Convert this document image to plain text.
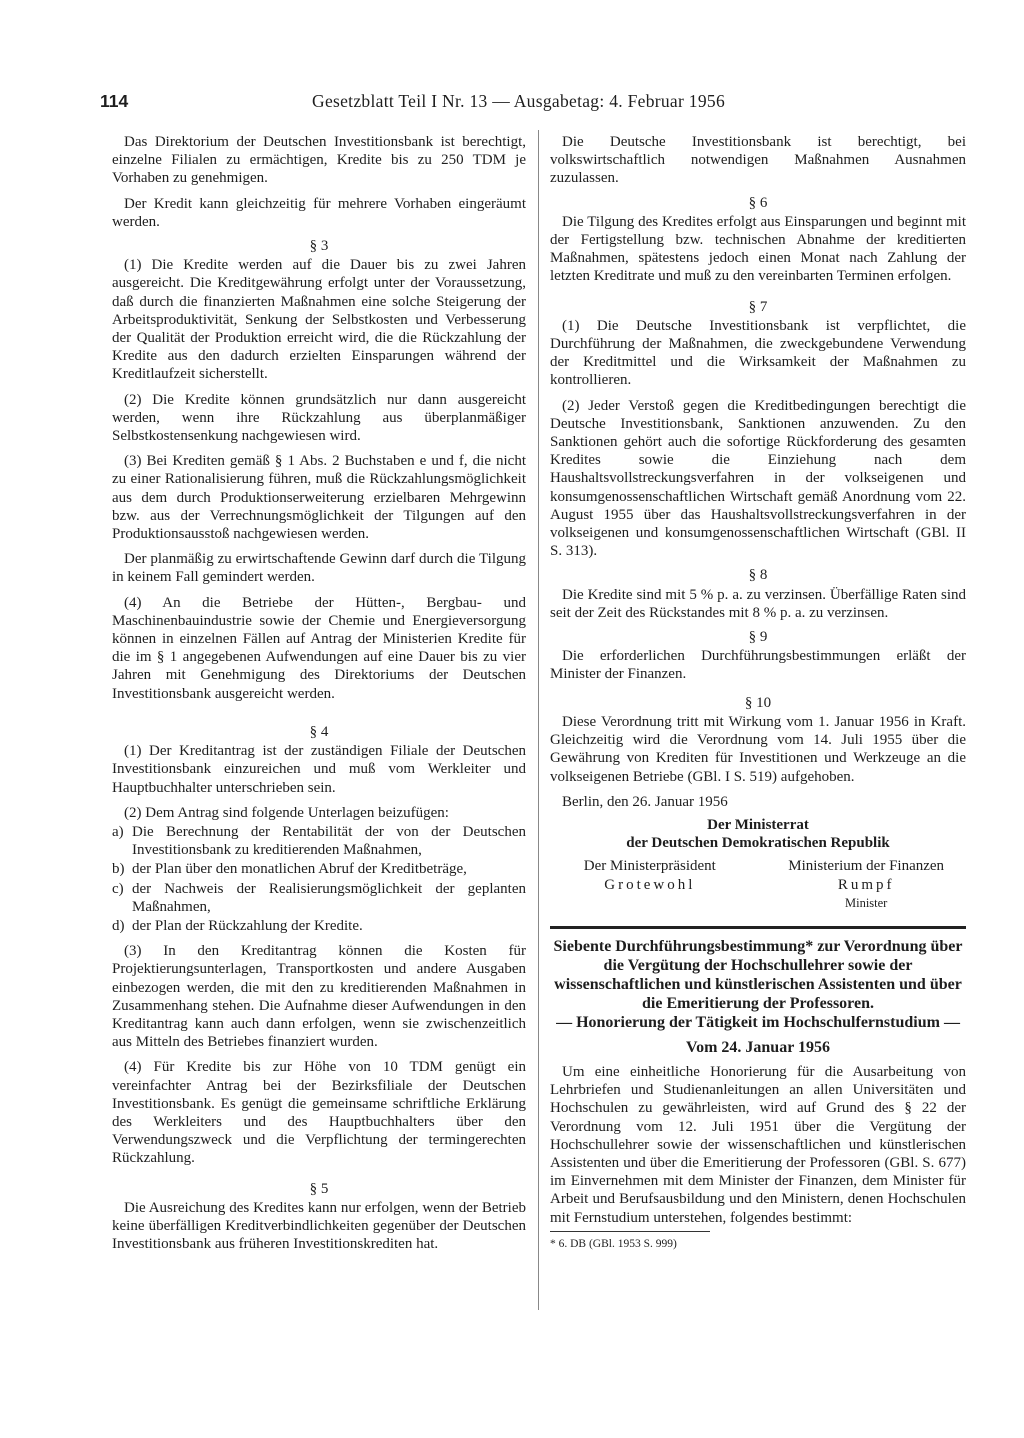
114	Gesetzblatt Teil I Nr. 13 — Ausgabetag: 4. Februar 1956

Das Direktorium der Deutschen Investitionsbank ist berechtigt, einzelne Filialen zu ermächtigen, Kredite bis zu 250 TDM je Vorhaben zu genehmigen.

Der Kredit kann gleichzeitig für mehrere Vorhaben eingeräumt werden.

§ 3

(1) Die Kredite werden auf die Dauer bis zu zwei Jahren ausgereicht. Die Kreditgewährung erfolgt unter der Voraussetzung, daß durch die finanzierten Maßnahmen eine solche Steigerung der Arbeitsproduktivität, Senkung der Selbstkosten und Verbesserung der Qualität der Produktion erreicht wird, die die Rückzahlung der Kredite aus den dadurch erzielten Einsparungen während der Kreditlaufzeit sicherstellt.

(2) Die Kredite können grundsätzlich nur dann ausgereicht werden, wenn ihre Rückzahlung aus überplanmäßiger Selbstkostensenkung nachgewiesen wird.

(3) Bei Krediten gemäß § 1 Abs. 2 Buchstaben e und f, die nicht zu einer Rationalisierung führen, muß die Rückzahlungsmöglichkeit aus dem durch Produktionserweiterung erzielbaren Mehrgewinn bzw. aus der Verrechnungsmöglichkeit der Tilgungen auf den Produktionsausstoß nachgewiesen werden.

Der planmäßig zu erwirtschaftende Gewinn darf durch die Tilgung in keinem Fall gemindert werden.

(4) An die Betriebe der Hütten-, Bergbau- und Maschinenbauindustrie sowie der Chemie und Energieversorgung können in einzelnen Fällen auf Antrag der Ministerien Kredite für die im § 1 angegebenen Aufwendungen auf eine Dauer bis zu vier Jahren mit Genehmigung des Direktoriums der Deutschen Investitionsbank ausgereicht werden.

§ 4

(1) Der Kreditantrag ist der zuständigen Filiale der Deutschen Investitionsbank einzureichen und muß vom Werkleiter und Hauptbuchhalter unterschrieben sein.

(2) Dem Antrag sind folgende Unterlagen beizufügen:

a) Die Berechnung der Rentabilität der von der Deutschen Investitionsbank zu kreditierenden Maßnahmen,
b) der Plan über den monatlichen Abruf der Kreditbeträge,
c) der Nachweis der Realisierungsmöglichkeit der geplanten Maßnahmen,
d) der Plan der Rückzahlung der Kredite.

(3) In den Kreditantrag können die Kosten für Projektierungsunterlagen, Transportkosten und andere Ausgaben einbezogen werden, die mit den zu kreditierenden Maßnahmen in Zusammenhang stehen. Die Aufnahme dieser Aufwendungen in den Kreditantrag kann auch dann erfolgen, wenn sie zwischenzeitlich aus Mitteln des Betriebes finanziert wurden.

(4) Für Kredite bis zur Höhe von 10 TDM genügt ein vereinfachter Antrag bei der Bezirksfiliale der Deutschen Investitionsbank. Es genügt die gemeinsame schriftliche Erklärung des Werkleiters und des Hauptbuchhalters über den Verwendungszweck und die Verpflichtung der termingerechten Rückzahlung.

§ 5

Die Ausreichung des Kredites kann nur erfolgen, wenn der Betrieb keine überfälligen Kreditverbindlichkeiten gegenüber der Deutschen Investitionsbank aus früheren Investitionskrediten hat.

Die Deutsche Investitionsbank ist berechtigt, bei volkswirtschaftlich notwendigen Maßnahmen Ausnahmen zuzulassen.

§ 6

Die Tilgung des Kredites erfolgt aus Einsparungen und beginnt mit der Fertigstellung bzw. technischen Abnahme der kreditierten Maßnahmen, spätestens jedoch einen Monat nach Zahlung der letzten Kreditrate und muß zu den vereinbarten Terminen erfolgen.

§ 7

(1) Die Deutsche Investitionsbank ist verpflichtet, die Durchführung der Maßnahmen, die zweckgebundene Verwendung der Kreditmittel und die Wirksamkeit der Maßnahmen zu kontrollieren.

(2) Jeder Verstoß gegen die Kreditbedingungen berechtigt die Deutsche Investitionsbank, Sanktionen anzuwenden. Zu den Sanktionen gehört auch die sofortige Rückforderung des gesamten Kredites sowie die Einziehung nach dem Haushaltsvollstreckungsverfahren in der volkseigenen und konsumgenossenschaftlichen Wirtschaft gemäß Anordnung vom 22. August 1955 über das Haushaltsvollstreckungsverfahren in der volkseigenen und konsumgenossenschaftlichen Wirtschaft (GBl. II S. 313).

§ 8

Die Kredite sind mit 5 % p. a. zu verzinsen. Überfällige Raten sind seit der Zeit des Rückstandes mit 8 % p. a. zu verzinsen.

§ 9

Die erforderlichen Durchführungsbestimmungen erläßt der Minister der Finanzen.

§ 10

Diese Verordnung tritt mit Wirkung vom 1. Januar 1956 in Kraft. Gleichzeitig wird die Verordnung vom 14. Juli 1955 über die Gewährung von Krediten für Investitionen und Werkzeuge an die volkseigenen Betriebe (GBl. I S. 519) aufgehoben.

Berlin, den 26. Januar 1956

Der Ministerrat

der Deutschen Demokratischen Republik

Der Ministerpräsident
Grotewohl
Ministerium der Finanzen
Rumpf
Minister

Siebente Durchführungsbestimmung* zur Verordnung über die Vergütung der Hochschullehrer sowie der wissenschaftlichen und künstlerischen Assistenten und über die Emeritierung der Professoren.

— Honorierung der Tätigkeit im Hochschulfernstudium —

Vom 24. Januar 1956

Um eine einheitliche Honorierung für die Ausarbeitung von Lehrbriefen und Studienanleitungen an allen Universitäten und Hochschulen zu gewährleisten, wird auf Grund des § 22 der Verordnung vom 12. Juli 1951 über die Vergütung der Hochschullehrer sowie der wissenschaftlichen und künstlerischen Assistenten und über die Emeritierung der Professoren (GBl. S. 677) im Einvernehmen mit dem Minister der Finanzen, dem Minister für Arbeit und Berufsausbildung und den Ministern, denen Hochschulen mit Fernstudium unterstehen, folgendes bestimmt:

* 6. DB (GBl. 1953 S. 999)
